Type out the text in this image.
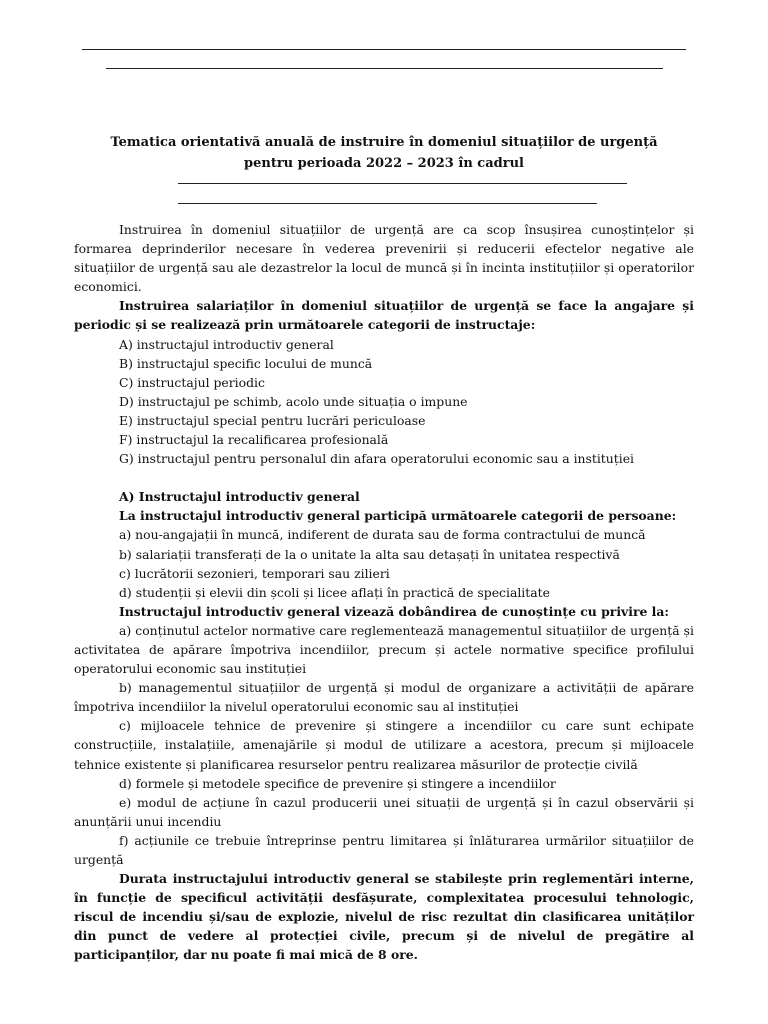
Tematica orientativă anuală de instruire în domeniul situațiilor de urgență
pentru perioada 2022 – 2023 în cadrul

Instruirea în domeniul situațiilor de urgență are ca scop însușirea cunoștințelor și formarea deprinderilor necesare în vederea prevenirii și reducerii efectelor negative ale situațiilor de urgență sau ale dezastrelor la locul de muncă și în incinta instituțiilor și operatorilor economici.

Instruirea salariaților în domeniul situațiilor de urgență se face la angajare și periodic și se realizează prin următoarele categorii de instructaje:

A) instructajul introductiv general

B) instructajul specific locului de muncă

C) instructajul periodic

D) instructajul pe schimb, acolo unde situația o impune

E) instructajul special pentru lucrări periculoase

F) instructajul la recalificarea profesională

G) instructajul pentru personalul din afara operatorului economic sau a instituției

A) Instructajul introductiv general

La instructajul introductiv general participă următoarele categorii de persoane:

a) nou-angajații în muncă, indiferent de durata sau de forma contractului de muncă

b) salariații transferați de la o unitate la alta sau detașați în unitatea respectivă

c) lucrătorii sezonieri, temporari sau zilieri

d) studenții și elevii din școli și licee aflați în practică de specialitate

Instructajul introductiv general vizează dobândirea de cunoștințe cu privire la:

a) conținutul actelor normative care reglementează managementul situațiilor de urgență și activitatea de apărare împotriva incendiilor, precum și actele normative specifice profilului operatorului economic sau instituției

b) managementul situațiilor de urgență și modul de organizare a activității de apărare împotriva incendiilor la nivelul operatorului economic sau al instituției

c) mijloacele tehnice de prevenire și stingere a incendiilor cu care sunt echipate construcțiile, instalațiile, amenajările și modul de utilizare a acestora, precum și mijloacele tehnice existente și planificarea resurselor pentru realizarea măsurilor de protecție civilă

d) formele și metodele specifice de prevenire și stingere a incendiilor

e) modul de acțiune în cazul producerii unei situații de urgență și în cazul observării și anunțării unui incendiu

f) acțiunile ce trebuie întreprinse pentru limitarea și înlăturarea urmărilor situațiilor de urgență

Durata instructajului introductiv general se stabilește prin reglementări interne, în funcție de specificul activității desfășurate, complexitatea procesului tehnologic, riscul de incendiu și/sau de explozie, nivelul de risc rezultat din clasificarea unităților din punct de vedere al protecției civile, precum și de nivelul de pregătire al participanților, dar nu poate fi mai mică de 8 ore.
